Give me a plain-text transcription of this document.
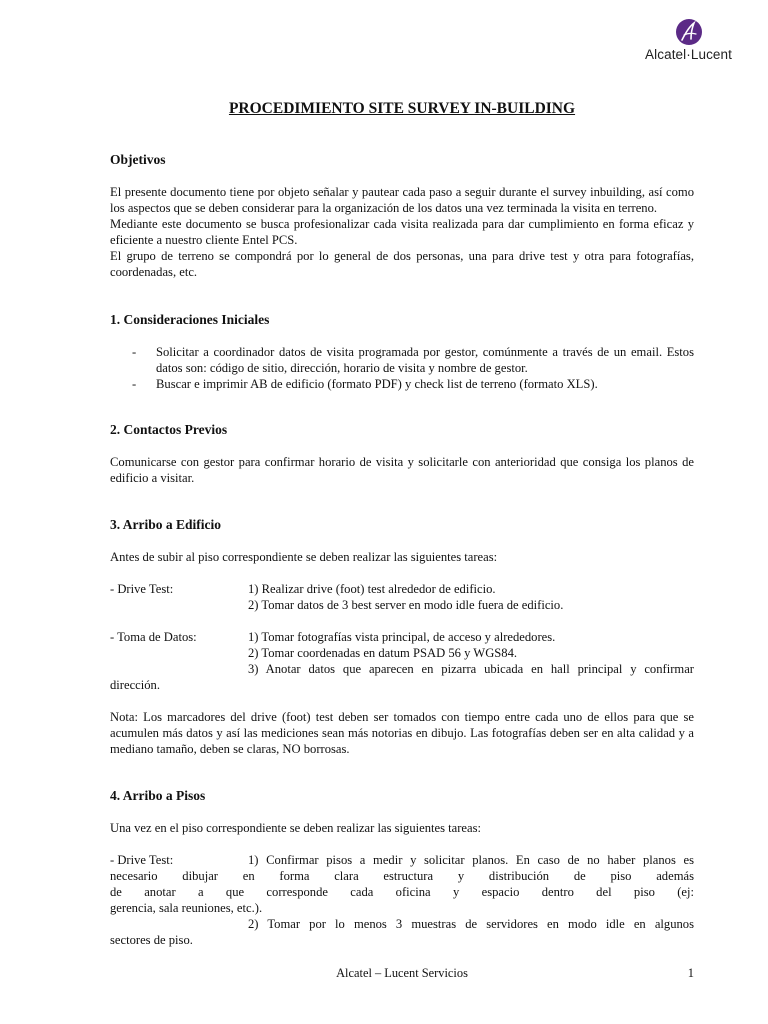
Alcatel·Lucent
PROCEDIMIENTO SITE SURVEY IN-BUILDING
Objetivos

El presente documento tiene por objeto señalar y pautear cada paso a seguir durante el survey inbuilding, así como los aspectos que se deben considerar para la organización de los datos una vez terminada la visita en terreno.

Mediante este documento se busca profesionalizar cada visita realizada para dar cumplimiento en forma eficaz y eficiente a nuestro cliente Entel PCS.

El grupo de terreno se compondrá por lo general de dos personas, una para drive test y otra para fotografías, coordenadas, etc.

1. Consideraciones Iniciales
- Solicitar a coordinador datos de visita programada por gestor, comúnmente a través de un email. Estos datos son: código de sitio, dirección, horario de visita y nombre de gestor.
- Buscar e imprimir AB de edificio (formato PDF) y check list de terreno (formato XLS).
2. Contactos Previos

Comunicarse con gestor para confirmar horario de visita y solicitarle con anterioridad que consiga los planos de edificio a visitar.

3. Arribo a Edificio

Antes de subir al piso correspondiente se deben realizar las siguientes tareas:

- Drive Test:	1) Realizar drive (foot) test alrededor de edificio.
2) Tomar datos de 3 best server en modo idle fuera de edificio.
- Toma de Datos:	1) Tomar fotografías vista principal, de acceso y alrededores.
2) Tomar coordenadas en datum PSAD 56 y WGS84.
3) Anotar datos que aparecen en pizarra ubicada en hall principal y confirmar
dirección.

Nota: Los marcadores del drive (foot) test deben ser tomados con tiempo entre cada uno de ellos para que se acumulen más datos y así las mediciones sean más notorias en dibujo. Las fotografías deben ser en alta calidad y a mediano tamaño, deben se claras, NO borrosas.

4. Arribo a Pisos

Una vez en el piso correspondiente se deben realizar las siguientes tareas:

- Drive Test:	1) Confirmar pisos a medir y solicitar planos. En caso de no haber planos es
necesario dibujar en forma clara estructura y distribución de piso además
de anotar a que corresponde cada oficina y espacio dentro del piso (ej:
gerencia, sala reuniones, etc.).
2) Tomar por lo menos 3 muestras de servidores en modo idle en algunos
sectores de piso.
Alcatel – Lucent Servicios	1
